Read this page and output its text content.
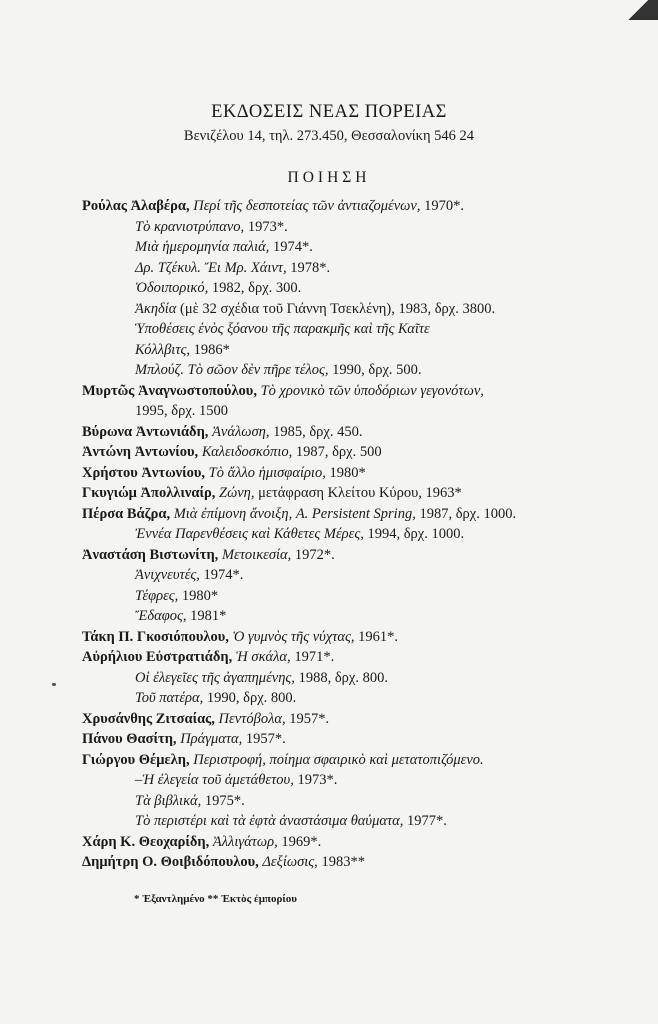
ΕΚΔΟΣΕΙΣ ΝΕΑΣ ΠΟΡΕΙΑΣ
Βενιζέλου 14, τηλ. 273.450, Θεσσαλονίκη 546 24
ΠΟΙΗΣΗ
Ρούλας Ἀλαβέρα, Περί τῆς δεσποτείας τῶν ἀντιαζομένων, 1970*.
Τὸ κρανιοτρύπανο, 1973*.
Μιὰ ἡμερομηνία παλιά, 1974*.
Δρ. Τζέκυλ. Ἔι Μρ. Χάιντ, 1978*.
Ὁδοιπορικό, 1982, δρχ. 300.
Ἀκηδία (μὲ 32 σχέδια τοῦ Γιάννη Τσεκλένη), 1983, δρχ. 3800.
Ὑποθέσεις ἑνὸς ξόανου τῆς παρακμῆς καὶ τῆς Καῖτε
Κόλλβιτς, 1986*
Μπλούζ. Τὸ σῶον δὲν πῆρε τέλος, 1990, δρχ. 500.
Μυρτῶς Ἀναγνωστοπούλου, Τὸ χρονικὸ τῶν ὑποδόριων γεγονότων,
1995, δρχ. 1500
Βύρωνα Ἀντωνιάδη, Ἀνάλωση, 1985, δρχ. 450.
Ἀντώνη Ἀντωνίου, Καλειδοσκόπιο, 1987, δρχ. 500
Χρήστου Ἀντωνίου, Τὸ ἄλλο ἡμισφαίριο, 1980*
Γκυγιώμ Ἀπολλιναίρ, Ζώνη, μετάφραση Κλείτου Κύρου, 1963*
Πέρσα Βάζρα, Μιὰ ἐπίμονη ἄνοιξη, A. Persistent Spring, 1987, δρχ. 1000.
Ἐννέα Παρενθέσεις καὶ Κάθετες Μέρες, 1994, δρχ. 1000.
Ἀναστάση Βιστωνίτη, Μετοικεσία, 1972*.
Ἀνιχνευτές, 1974*.
Τέφρες, 1980*
Ἔδαφος, 1981*
Τάκη Π. Γκοσιόπουλου, Ὁ γυμνὸς τῆς νύχτας, 1961*.
Αὐρήλιου Εὐστρατιάδη, Ἡ σκάλα, 1971*.
Οἱ ἐλεγεῖες τῆς ἀγαπημένης, 1988, δρχ. 800.
Τοῦ πατέρα, 1990, δρχ. 800.
Χρυσάνθης Ζιτσαίας, Πεντόβολα, 1957*.
Πάνου Θασίτη, Πράγματα, 1957*.
Γιώργου Θέμελη, Περιστροφή, ποίημα σφαιρικὸ καὶ μετατοπιζόμενο.
–Ἡ ἐλεγεία τοῦ ἀμετάθετου, 1973*.
Τὰ βιβλικά, 1975*.
Τὸ περιστέρι καὶ τὰ ἑφτὰ ἀναστάσιμα θαύματα, 1977*.
Χάρη Κ. Θεοχαρίδη, Ἀλλιγάτωρ, 1969*.
Δημήτρη Ο. Θοιβιδόπουλου, Δεξίωσις, 1983**
* Ἐξαντλημένο ** Ἐκτὸς ἐμπορίου
